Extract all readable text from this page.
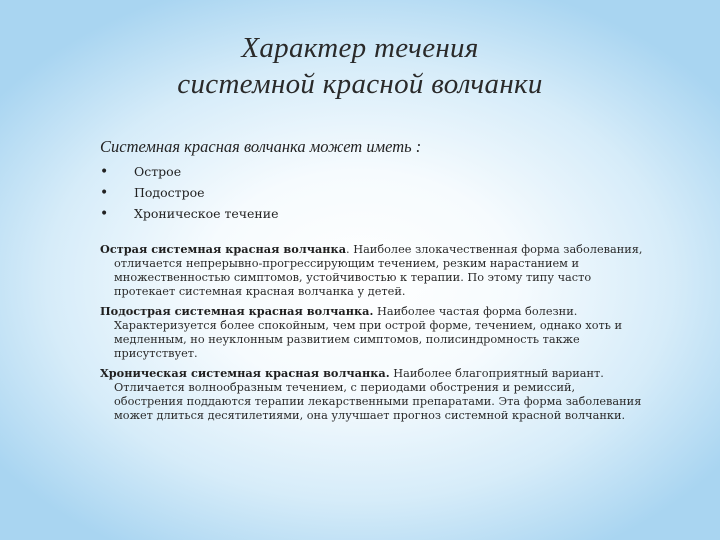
Характер течения
системной красной волчанки
Системная красная волчанка может иметь :
•	Острое
•	Подострое
•	Хроническое течение

Острая системная красная волчанка. Наиболее злокачественная форма заболевания, отличается непрерывно-прогрессирующим течением, резким нарастанием и множественностью симптомов, устойчивостью к терапии. По этому типу часто протекает системная красная волчанка у детей.

Подострая системная красная волчанка. Наиболее частая форма болезни. Характеризуется более спокойным, чем при острой форме, течением, однако хоть и медленным, но неуклонным развитием симптомов, полисиндромность также присутствует.

Хроническая системная красная волчанка. Наиболее благоприятный вариант. Отличается волнообразным течением, с периодами обострения и ремиссий, обострения поддаются терапии лекарственными препаратами. Эта форма заболевания может длиться десятилетиями, она улучшает прогноз системной красной волчанки.
